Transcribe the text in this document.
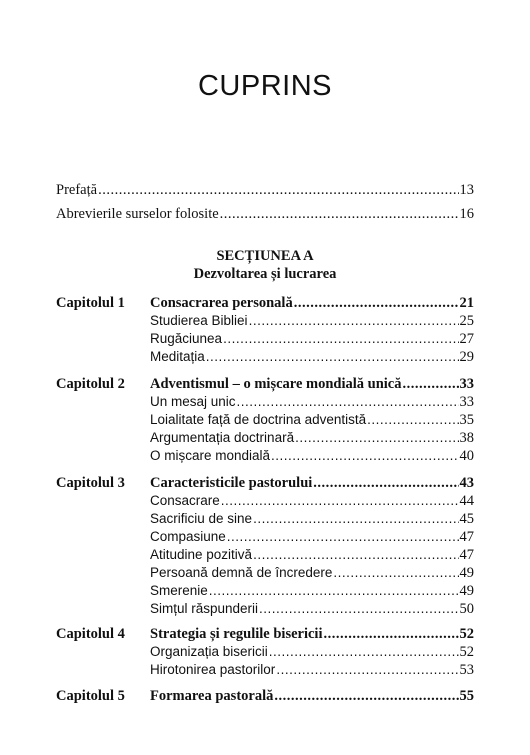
CUPRINS
Prefață .....	13
Abrevierile surselor folosite .....	16
SECȚIUNEA A
Dezvoltarea și lucrarea
Capitolul 1 Consacrarea personală .....	21
Studierea Bibliei .....	25
Rugăciunea .....	27
Meditația .....	29
Capitolul 2 Adventismul – o mișcare mondială unică .....	33
Un mesaj unic .....	33
Loialitate față de doctrina adventistă .....	35
Argumentația doctrinară .....	38
O mișcare mondială .....	40
Capitolul 3 Caracteristicile pastorului .....	43
Consacrare .....	44
Sacrificiu de sine .....	45
Compasiune .....	47
Atitudine pozitivă .....	47
Persoană demnă de încredere .....	49
Smerenie .....	49
Simțul răspunderii .....	50
Capitolul 4 Strategia și regulile bisericii .....	52
Organizația bisericii .....	52
Hirotonirea pastorilor .....	53
Capitolul 5 Formarea pastorală .....	55
